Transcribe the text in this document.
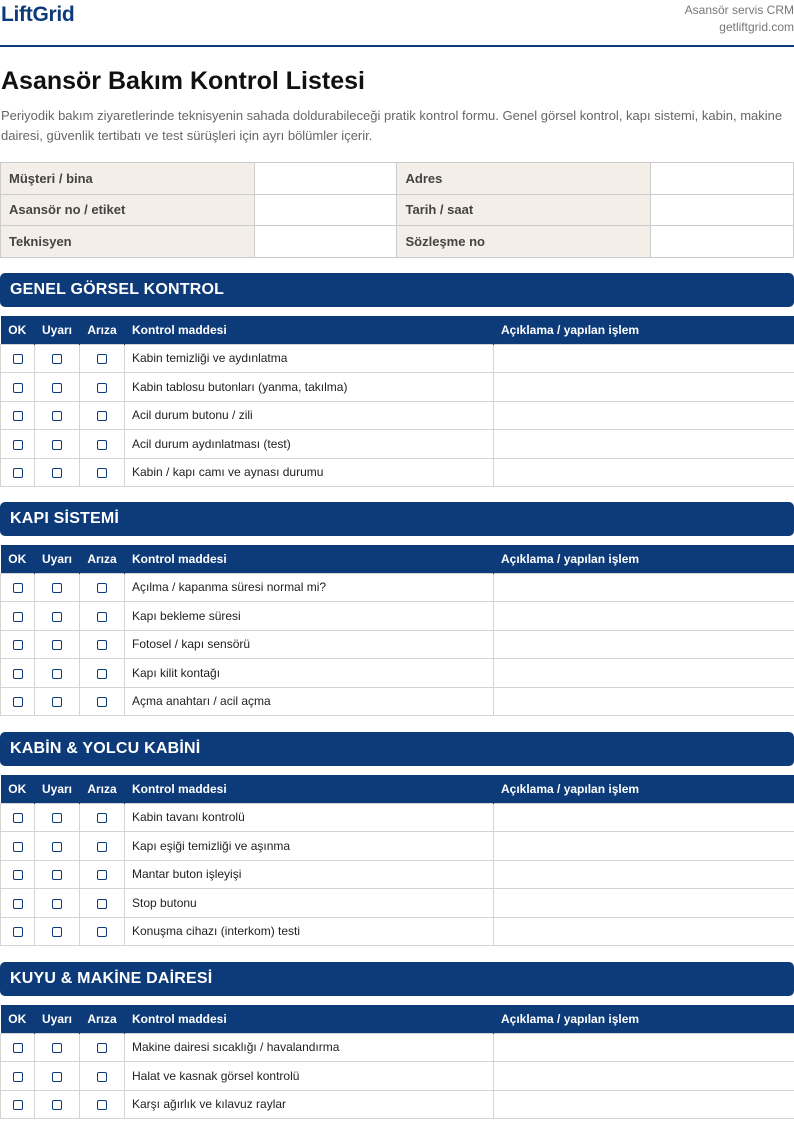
LiftGrid	Asansör servis CRM
getliftgrid.com
Asansör Bakım Kontrol Listesi

Periyodik bakım ziyaretlerinde teknisyenin sahada doldurabileceği pratik kontrol formu. Genel görsel kontrol, kapı sistemi, kabin, makine dairesi, güvenlik tertibatı ve test sürüşleri için ayrı bölümler içerir.

Müşteri / bina		Adres	
Asansör no / etiket		Tarih / saat	
Teknisyen		Sözleşme no	
GENEL GÖRSEL KONTROL
OK	Uyarı	Arıza	Kontrol maddesi	Açıklama / yapılan işlem
			Kabin temizliği ve aydınlatma	
			Kabin tablosu butonları (yanma, takılma)	
			Acil durum butonu / zili	
			Acil durum aydınlatması (test)	
			Kabin / kapı camı ve aynası durumu	
KAPI SİSTEMİ
OK	Uyarı	Arıza	Kontrol maddesi	Açıklama / yapılan işlem
			Açılma / kapanma süresi normal mi?	
			Kapı bekleme süresi	
			Fotosel / kapı sensörü	
			Kapı kilit kontağı	
			Açma anahtarı / acil açma	
KABİN & YOLCU KABİNİ
OK	Uyarı	Arıza	Kontrol maddesi	Açıklama / yapılan işlem
			Kabin tavanı kontrolü	
			Kapı eşiği temizliği ve aşınma	
			Mantar buton işleyişi	
			Stop butonu	
			Konuşma cihazı (interkom) testi	
KUYU & MAKİNE DAİRESİ
OK	Uyarı	Arıza	Kontrol maddesi	Açıklama / yapılan işlem
			Makine dairesi sıcaklığı / havalandırma	
			Halat ve kasnak görsel kontrolü	
			Karşı ağırlık ve kılavuz raylar	
